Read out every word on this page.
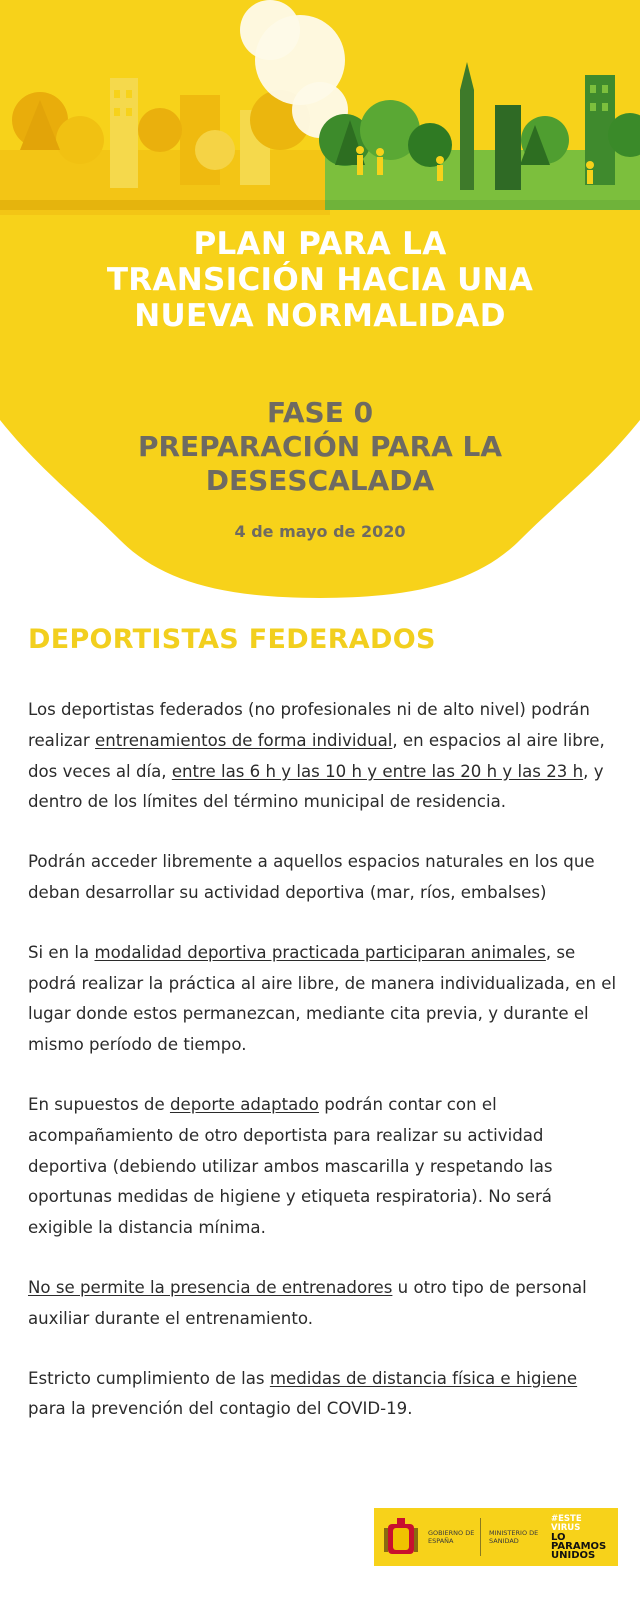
PLAN PARA LA
TRANSICIÓN HACIA UNA
NUEVA NORMALIDAD
FASE 0
PREPARACIÓN PARA LA
DESESCALADA
4 de mayo de 2020
DEPORTISTAS FEDERADOS

Los deportistas federados (no profesionales ni de alto nivel) podrán realizar entrenamientos de forma individual, en espacios al aire libre, dos veces al día, entre las 6 h y las 10 h y entre las 20 h y las 23 h, y dentro de los límites del término municipal de residencia.

Podrán acceder libremente a aquellos espacios naturales en los que deban desarrollar su actividad deportiva (mar, ríos, embalses)

Si en la modalidad deportiva practicada participaran animales, se podrá realizar la práctica al aire libre, de manera individualizada, en el lugar donde estos permanezcan, mediante cita previa, y durante el mismo período de tiempo.

En supuestos de deporte adaptado podrán contar con el acompañamiento de otro deportista para realizar su actividad deportiva (debiendo utilizar ambos mascarilla y respetando las oportunas medidas de higiene y etiqueta respiratoria). No será exigible la distancia mínima.

No se permite la presencia de entrenadores u otro tipo de personal auxiliar durante el entrenamiento.

Estricto cumplimiento de las medidas de distancia física e higiene para la prevención del contagio del COVID-19.

GOBIERNO DE ESPAÑA
MINISTERIO DE SANIDAD
#ESTE
VIRUS
LO
PARAMOS
UNIDOS
